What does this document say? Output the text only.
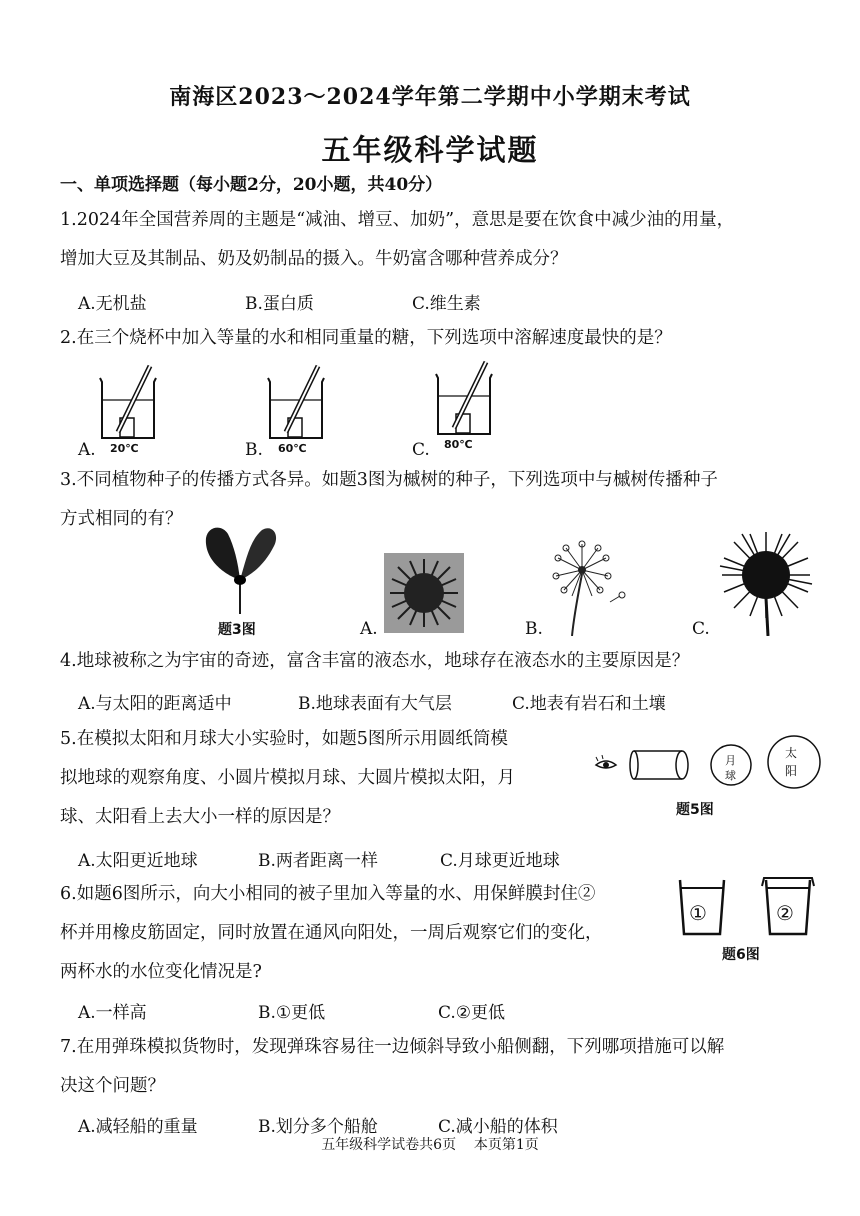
南海区2023～2024学年第二学期中小学期末考试
五年级科学试题
一、单项选择题（每小题2分，20小题，共40分）
1.2024年全国营养周的主题是“减油、增豆、加奶”，意思是要在饮食中减少油的用量，
增加大豆及其制品、奶及奶制品的摄入。牛奶富含哪种营养成分？
A.无机盐	B.蛋白质	C.维生素
2.在三个烧杯中加入等量的水和相同重量的糖，下列选项中溶解速度最快的是？
A. 20℃	B. 60℃	C. 80℃
3.不同植物种子的传播方式各异。如题3图为槭树的种子，下列选项中与槭树传播种子
方式相同的有？
题3图	A.	B.	C.
4.地球被称之为宇宙的奇迹，富含丰富的液态水，地球存在液态水的主要原因是？
A.与太阳的距离适中	B.地球表面有大气层	C.地表有岩石和土壤
5.在模拟太阳和月球大小实验时，如题5图所示用圆纸筒模
拟地球的观察角度、小圆片模拟月球、大圆片模拟太阳，月
球、太阳看上去大小一样的原因是？
月
球
太
阳
题5图
A.太阳更近地球	B.两者距离一样	C.月球更近地球
6.如题6图所示，向大小相同的被子里加入等量的水、用保鲜膜封住②
杯并用橡皮筋固定，同时放置在通风向阳处，一周后观察它们的变化，
两杯水的水位变化情况是?
①	②
题6图
A.一样高	B.①更低	C.②更低
7.在用弹珠模拟货物时，发现弹珠容易往一边倾斜导致小船侧翻，下列哪项措施可以解
决这个问题？
A.减轻船的重量	B.划分多个船舱	C.减小船的体积
五年级科学试卷共6页    本页第1页
